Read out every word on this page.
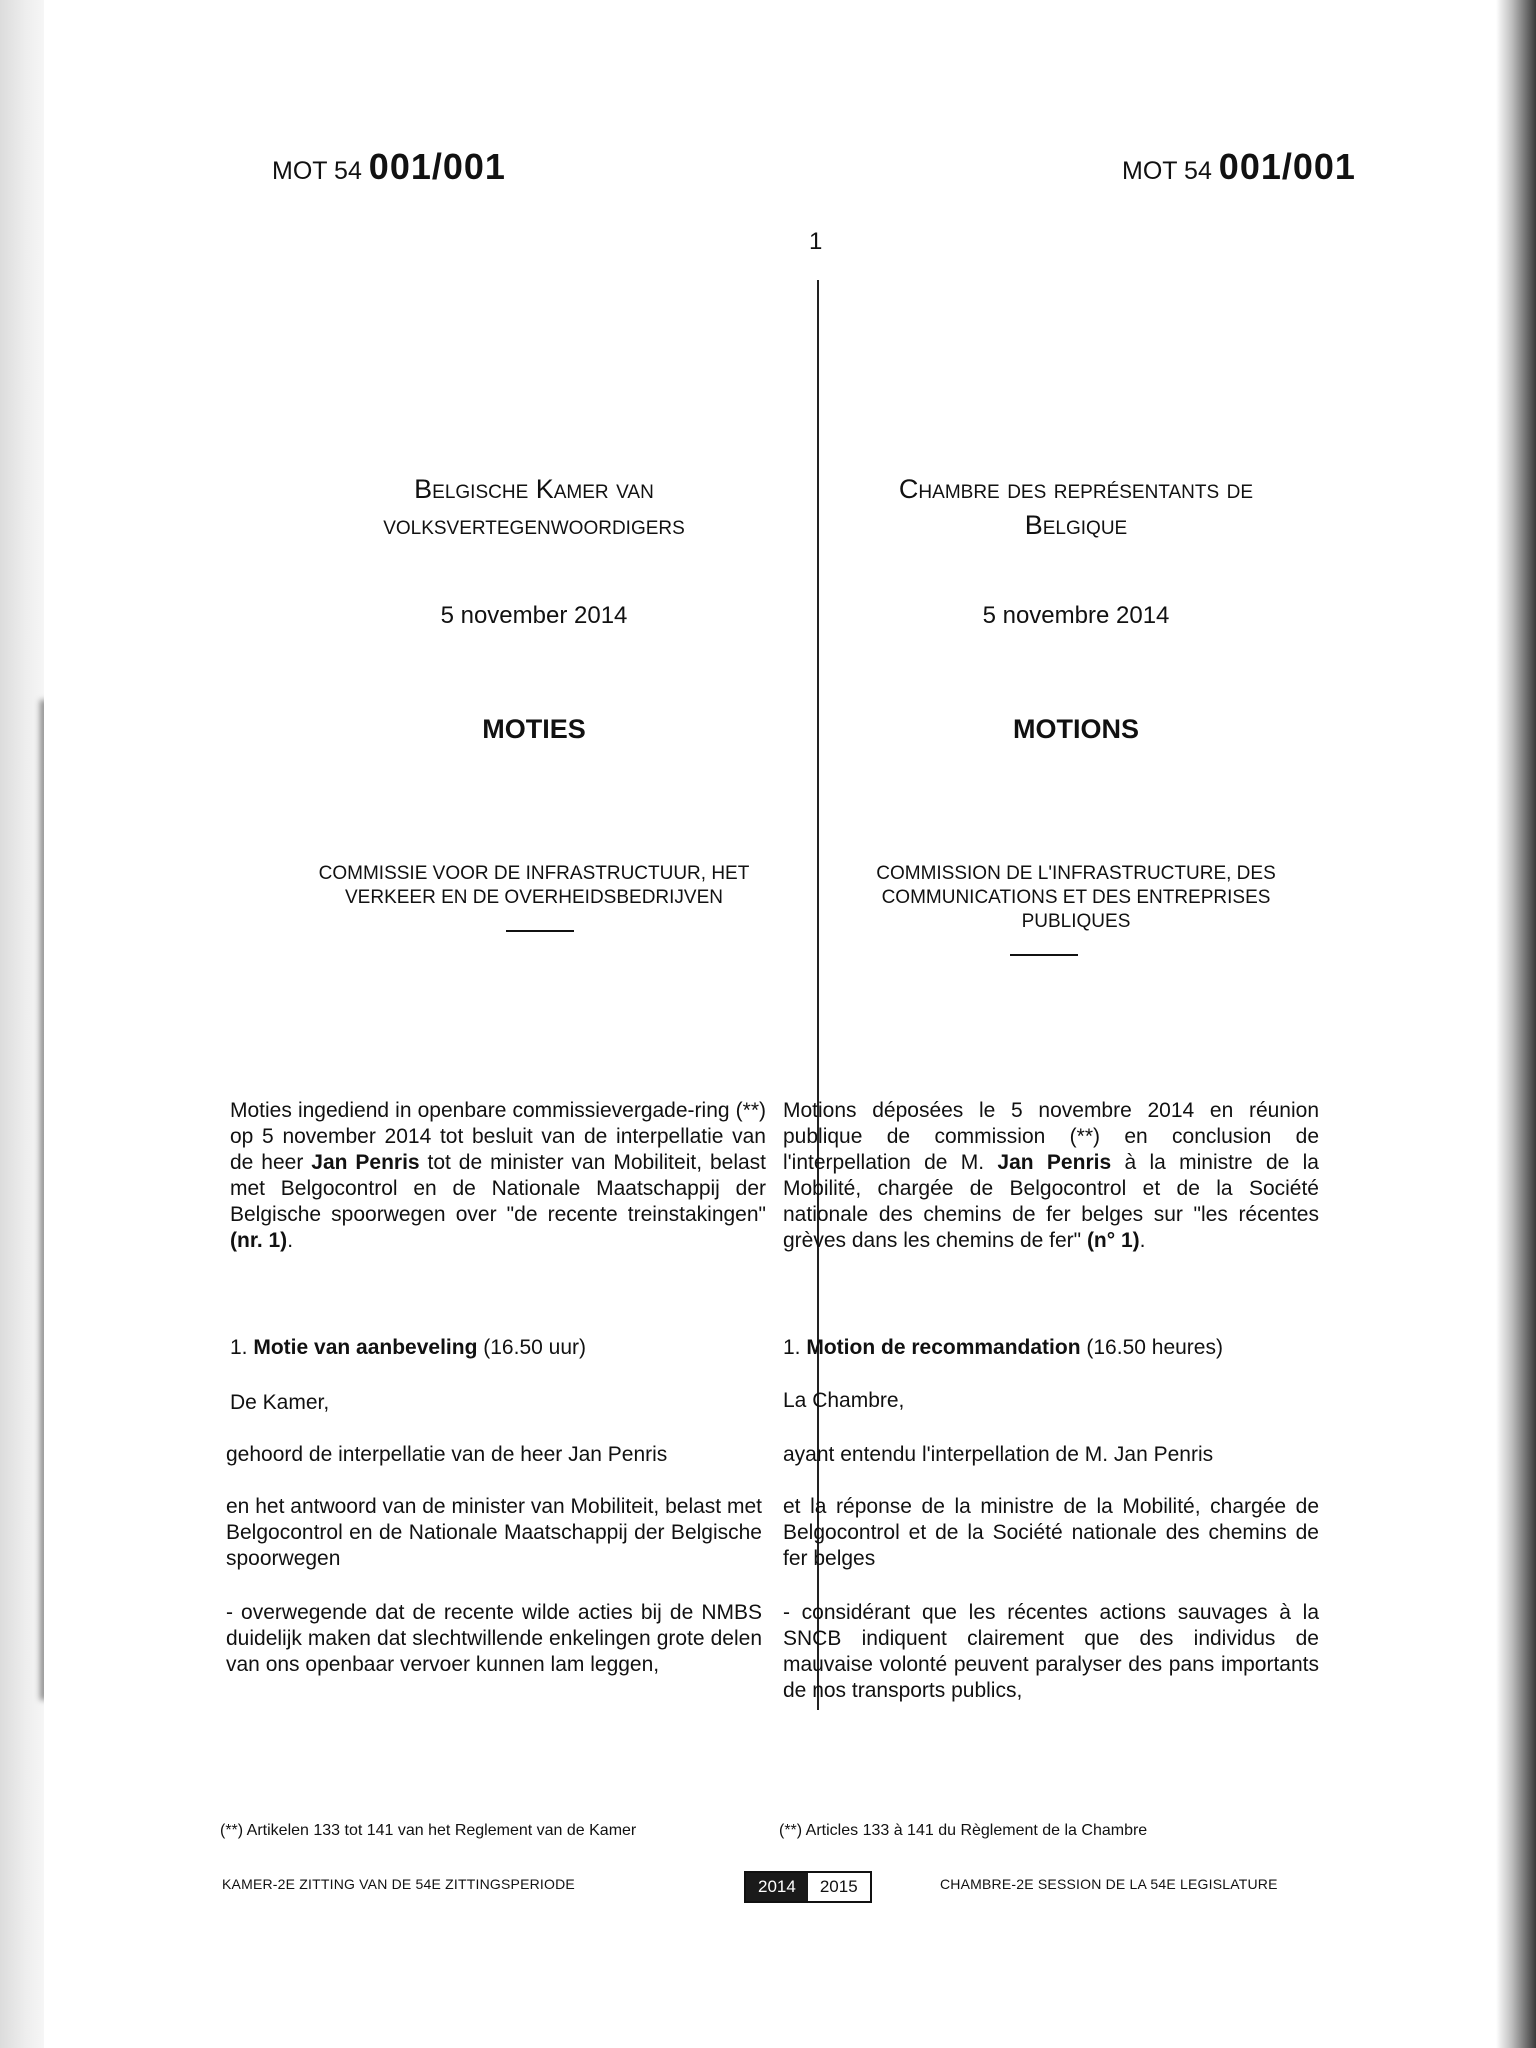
MOT 54 001/001	MOT 54 001/001
1
Belgische Kamer van
volksvertegenwoordigers
5 november 2014
MOTIES
COMMISSIE VOOR DE INFRASTRUCTUUR, HET VERKEER EN DE OVERHEIDSBEDRIJVEN
Moties ingediend in openbare commissievergade-ring (**) op 5 november 2014 tot besluit van de interpellatie van de heer Jan Penris tot de minister van Mobiliteit, belast met Belgocontrol en de Nationale Maatschappij der Belgische spoorwegen over "de recente treinstakingen" (nr. 1).
1. Motie van aanbeveling (16.50 uur)
De Kamer,
gehoord de interpellatie van de heer Jan Penris
en het antwoord van de minister van Mobiliteit, belast met Belgocontrol en de Nationale Maatschappij der Belgische spoorwegen
- overwegende dat de recente wilde acties bij de NMBS duidelijk maken dat slechtwillende enkelingen grote delen van ons openbaar vervoer kunnen lam leggen,
Chambre des représentants de
Belgique
5 novembre 2014
MOTIONS
COMMISSION DE L'INFRASTRUCTURE, DES COMMUNICATIONS ET DES ENTREPRISES PUBLIQUES
Motions déposées le 5 novembre 2014 en réunion publique de commission (**) en conclusion de l'interpellation de M. Jan Penris à la ministre de la Mobilité, chargée de Belgocontrol et de la Société nationale des chemins de fer belges sur "les récentes grèves dans les chemins de fer" (n° 1).
1. Motion de recommandation (16.50 heures)
La Chambre,
ayant entendu l'interpellation de M. Jan Penris
et la réponse de la ministre de la Mobilité, chargée de Belgocontrol et de la Société nationale des chemins de fer belges
- considérant que les récentes actions sauvages à la SNCB indiquent clairement que des individus de mauvaise volonté peuvent paralyser des pans importants de nos transports publics,
(**) Artikelen 133 tot 141 van het Reglement van de Kamer	(**) Articles 133 à 141 du Règlement de la Chambre
KAMER-2E ZITTING VAN DE 54E ZITTINGSPERIODE	2014	2015	CHAMBRE-2E SESSION DE LA 54E LEGISLATURE
